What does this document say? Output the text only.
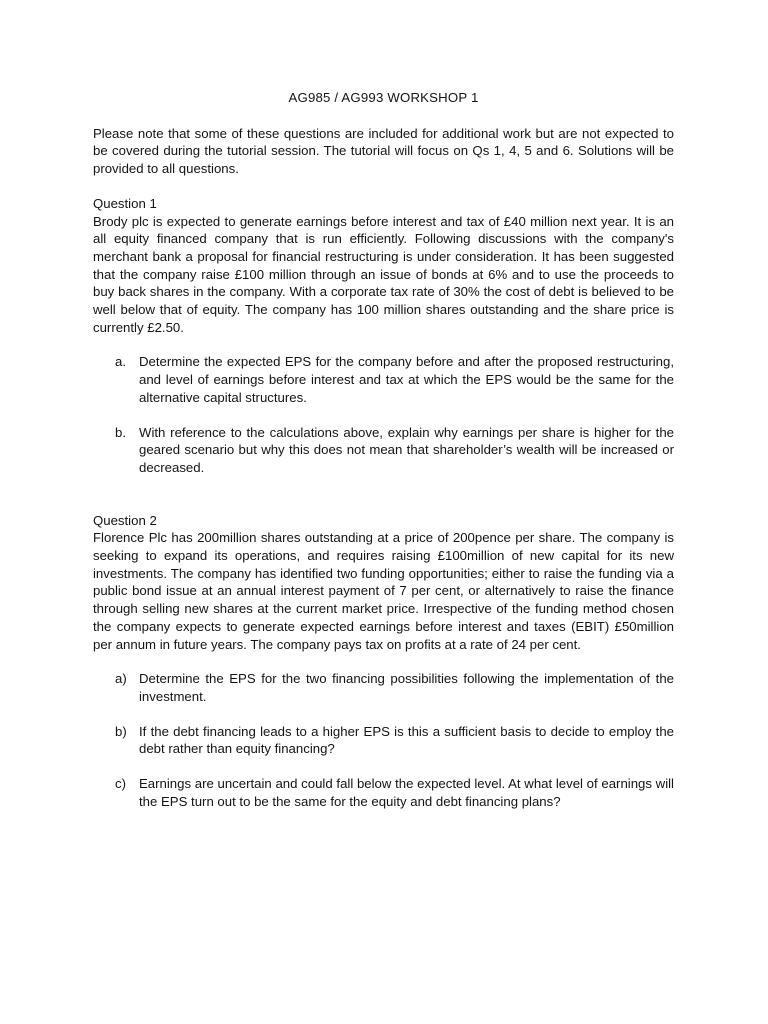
AG985 / AG993 WORKSHOP 1

Please note that some of these questions are included for additional work but are not expected to be covered during the tutorial session. The tutorial will focus on Qs 1, 4, 5 and 6. Solutions will be provided to all questions.

Question 1

Brody plc is expected to generate earnings before interest and tax of £40 million next year. It is an all equity financed company that is run efficiently. Following discussions with the company's merchant bank a proposal for financial restructuring is under consideration. It has been suggested that the company raise £100 million through an issue of bonds at 6% and to use the proceeds to buy back shares in the company. With a corporate tax rate of 30% the cost of debt is believed to be well below that of equity. The company has 100 million shares outstanding and the share price is currently £2.50.

a. Determine the expected EPS for the company before and after the proposed restructuring, and level of earnings before interest and tax at which the EPS would be the same for the alternative capital structures.
b. With reference to the calculations above, explain why earnings per share is higher for the geared scenario but why this does not mean that shareholder’s wealth will be increased or decreased.

Question 2

Florence Plc has 200million shares outstanding at a price of 200pence per share. The company is seeking to expand its operations, and requires raising £100million of new capital for its new investments. The company has identified two funding opportunities; either to raise the funding via a public bond issue at an annual interest payment of 7 per cent, or alternatively to raise the finance through selling new shares at the current market price. Irrespective of the funding method chosen the company expects to generate expected earnings before interest and taxes (EBIT) £50million per annum in future years. The company pays tax on profits at a rate of 24 per cent.

a) Determine the EPS for the two financing possibilities following the implementation of the investment.
b) If the debt financing leads to a higher EPS is this a sufficient basis to decide to employ the debt rather than equity financing?
c) Earnings are uncertain and could fall below the expected level. At what level of earnings will the EPS turn out to be the same for the equity and debt financing plans?
